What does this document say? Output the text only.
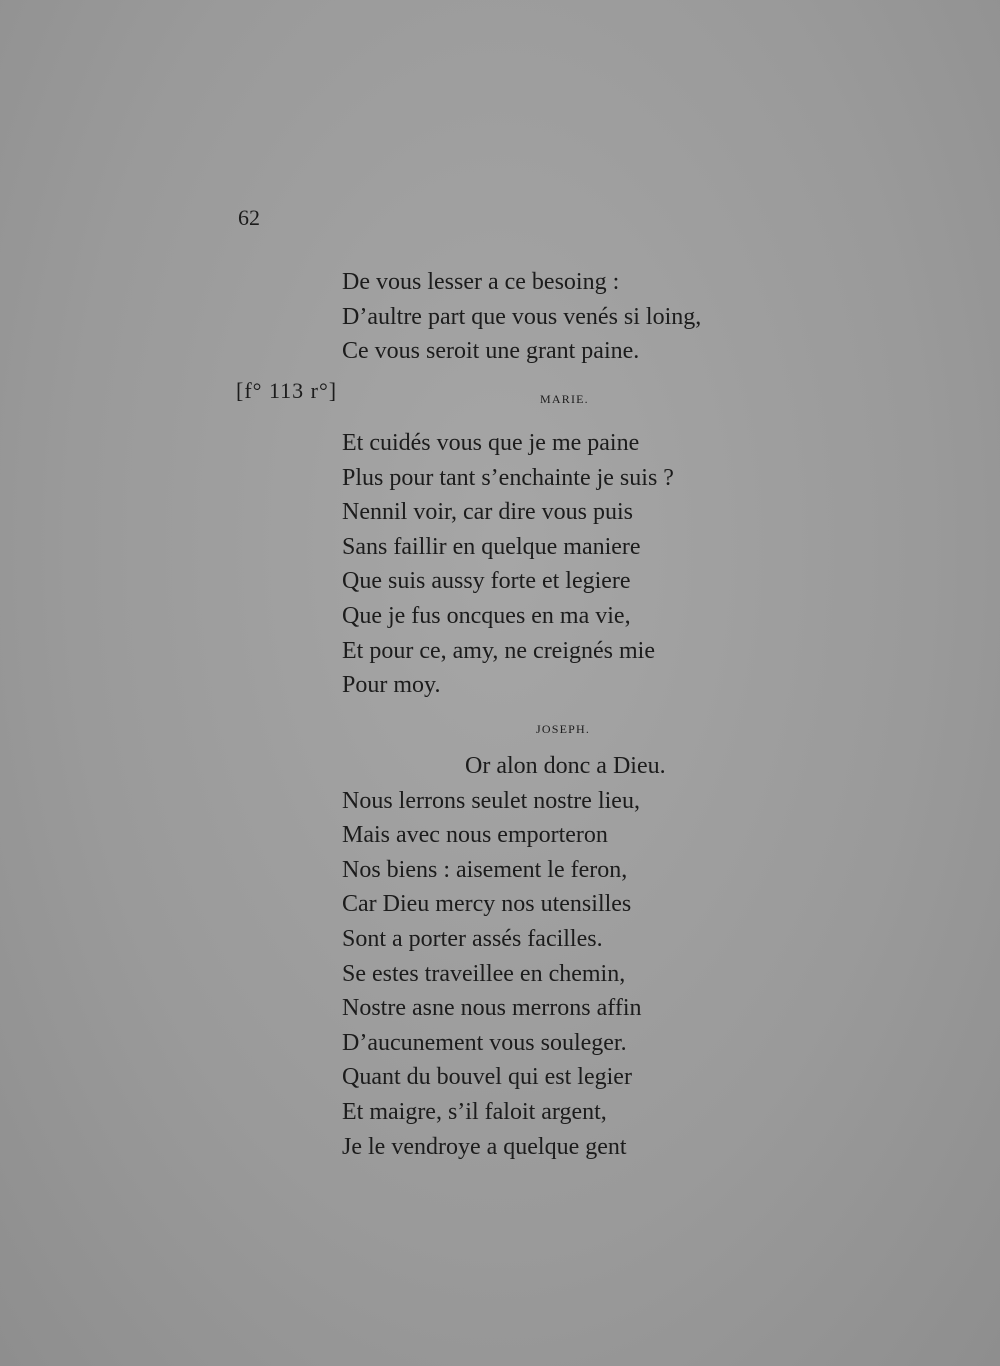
62
De vous lesser a ce besoing :
D’aultre part que vous venés si loing,
Ce vous seroit une grant paine.
[f° 113 r°]	MARIE.
Et cuidés vous que je me paine
Plus pour tant s’enchainte je suis ?
Nennil voir, car dire vous puis
Sans faillir en quelque maniere
Que suis aussy forte et legiere
Que je fus oncques en ma vie,
Et pour ce, amy, ne creignés mie
Pour moy.
JOSEPH.
Or alon donc a Dieu.
Nous lerrons seulet nostre lieu,
Mais avec nous emporteron
Nos biens : aisement le feron,
Car Dieu mercy nos utensilles
Sont a porter assés facilles.
Se estes traveillee en chemin,
Nostre asne nous merrons affin
D’aucunement vous souleger.
Quant du bouvel qui est legier
Et maigre, s’il faloit argent,
Je le vendroye a quelque gent
